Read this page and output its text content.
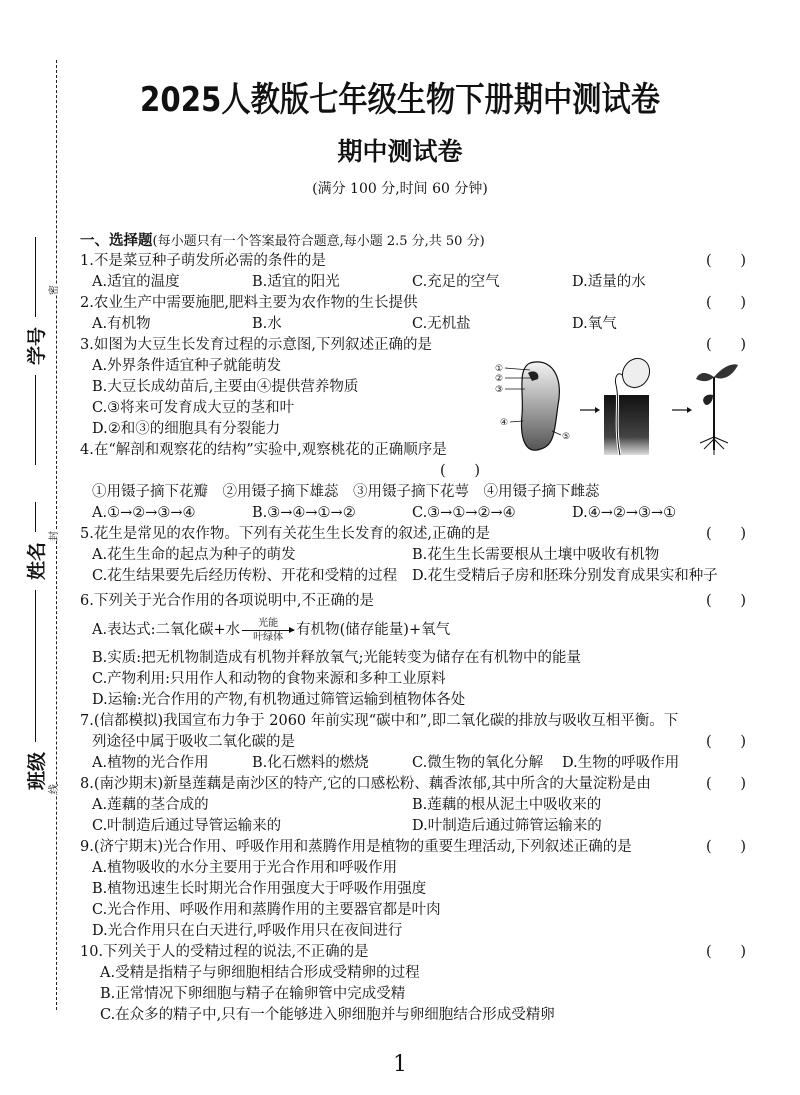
密
封
线
学号
姓名
班级
2025人教版七年级生物下册期中测试卷
期中测试卷
(满分 100 分,时间 60 分钟)
一、选择题(每小题只有一个答案最符合题意,每小题 2.5 分,共 50 分)
1.不是菜豆种子萌发所必需的条件的是	( )
A.适宜的温度	B.适宜的阳光	C.充足的空气	D.适量的水
2.农业生产中需要施肥,肥料主要为农作物的生长提供	( )
A.有机物	B.水	C.无机盐	D.氧气
3.如图为大豆生长发育过程的示意图,下列叙述正确的是	( )
A.外界条件适宜种子就能萌发
B.大豆长成幼苗后,主要由④提供营养物质
C.③将来可发育成大豆的茎和叶
D.②和③的细胞具有分裂能力
4.在“解剖和观察花的结构”实验中,观察桃花的正确顺序是
( )
①用镊子摘下花瓣　②用镊子摘下雄蕊　③用镊子摘下花萼　④用镊子摘下雌蕊
A.①→②→③→④	B.③→④→①→②	C.③→①→②→④	D.④→②→③→①
5.花生是常见的农作物。下列有关花生生长发育的叙述,正确的是	( )
A.花生生命的起点为种子的萌发	B.花生生长需要根从土壤中吸收有机物
C.花生结果要先后经历传粉、开花和受精的过程	D.花生受精后子房和胚珠分别发育成果实和种子
6.下列关于光合作用的各项说明中,不正确的是	( )
A.表达式:二氧化碳+水 光能
叶绿体 有机物(储存能量)+氧气
B.实质:把无机物制造成有机物并释放氧气;光能转变为储存在有机物中的能量
C.产物利用:只用作人和动物的食物来源和多种工业原料
D.运输:光合作用的产物,有机物通过筛管运输到植物体各处
7.(信都模拟)我国宣布力争于 2060 年前实现“碳中和”,即二氧化碳的排放与吸收互相平衡。下
列途径中属于吸收二氧化碳的是	( )
A.植物的光合作用	B.化石燃料的燃烧	C.微生物的氧化分解	D.生物的呼吸作用
8.(南沙期末)新垦莲藕是南沙区的特产,它的口感松粉、藕香浓郁,其中所含的大量淀粉是由	( )
A.莲藕的茎合成的	B.莲藕的根从泥土中吸收来的
C.叶制造后通过导管运输来的	D.叶制造后通过筛管运输来的
9.(济宁期末)光合作用、呼吸作用和蒸腾作用是植物的重要生理活动,下列叙述正确的是	( )
A.植物吸收的水分主要用于光合作用和呼吸作用
B.植物迅速生长时期光合作用强度大于呼吸作用强度
C.光合作用、呼吸作用和蒸腾作用的主要器官都是叶肉
D.光合作用只在白天进行,呼吸作用只在夜间进行
10.下列关于人的受精过程的说法,不正确的是	( )
A.受精是指精子与卵细胞相结合形成受精卵的过程
B.正常情况下卵细胞与精子在输卵管中完成受精
C.在众多的精子中,只有一个能够进入卵细胞并与卵细胞结合形成受精卵
①
②
③
④
⑤
1
